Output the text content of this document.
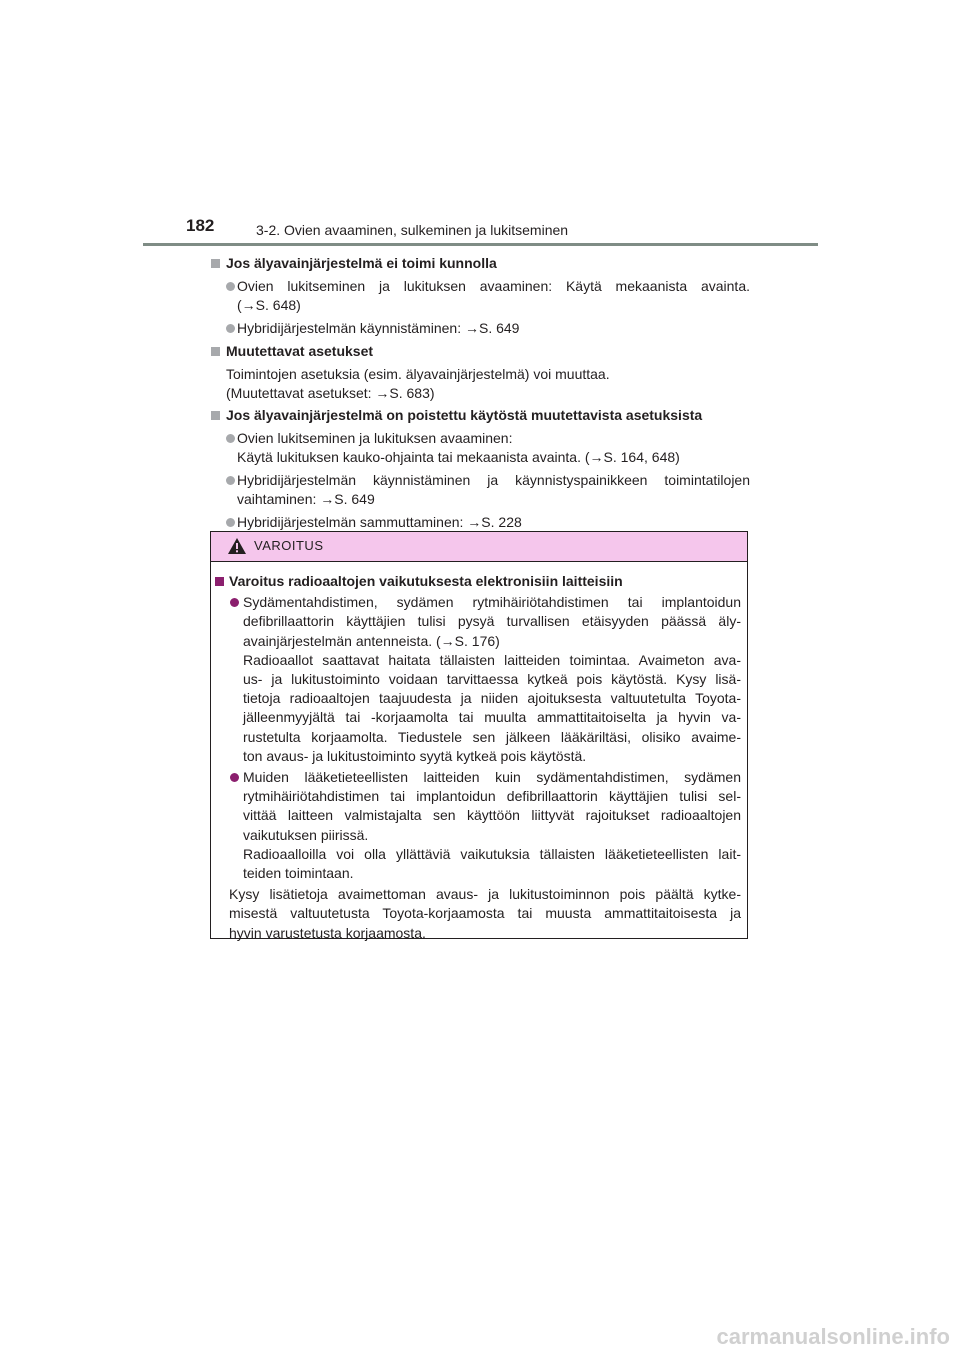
182	3-2. Ovien avaaminen, sulkeminen ja lukitseminen
Jos älyavainjärjestelmä ei toimi kunnolla
Ovien lukitseminen ja lukituksen avaaminen: Käytä mekaanista avainta.
(→S. 648)
Hybridijärjestelmän käynnistäminen: →S. 649
Muutettavat asetukset
Toimintojen asetuksia (esim. älyavainjärjestelmä) voi muuttaa.
(Muutettavat asetukset: →S. 683)
Jos älyavainjärjestelmä on poistettu käytöstä muutettavista asetuksista
Ovien lukitseminen ja lukituksen avaaminen:
Käytä lukituksen kauko-ohjainta tai mekaanista avainta. (→S. 164, 648)
Hybridijärjestelmän käynnistäminen ja käynnistyspainikkeen toimintatilojen
vaihtaminen: →S. 649
Hybridijärjestelmän sammuttaminen: →S. 228
VAROITUS
Varoitus radioaaltojen vaikutuksesta elektronisiin laitteisiin
Sydämentahdistimen, sydämen rytmihäiriötahdistimen tai implantoidun
defibrillaattorin käyttäjien tulisi pysyä turvallisen etäisyyden päässä äly-
avainjärjestelmän antenneista. (→S. 176)
Radioaallot saattavat haitata tällaisten laitteiden toimintaa. Avaimeton ava-
us- ja lukitustoiminto voidaan tarvittaessa kytkeä pois käytöstä. Kysy lisä-
tietoja radioaaltojen taajuudesta ja niiden ajoituksesta valtuutetulta Toyota-
jälleenmyyjältä tai -korjaamolta tai muulta ammattitaitoiselta ja hyvin va-
rustetulta korjaamolta. Tiedustele sen jälkeen lääkäriltäsi, olisiko avaime-
ton avaus- ja lukitustoiminto syytä kytkeä pois käytöstä.
Muiden lääketieteellisten laitteiden kuin sydämentahdistimen, sydämen
rytmihäiriötahdistimen tai implantoidun defibrillaattorin käyttäjien tulisi sel-
vittää laitteen valmistajalta sen käyttöön liittyvät rajoitukset radioaaltojen
vaikutuksen piirissä.
Radioaalloilla voi olla yllättäviä vaikutuksia tällaisten lääketieteellisten lait-
teiden toimintaan.
Kysy lisätietoja avaimettoman avaus- ja lukitustoiminnon pois päältä kytke-
misestä valtuutetusta Toyota-korjaamosta tai muusta ammattitaitoisesta ja
hyvin varustetusta korjaamosta.
carmanualsonline.info
